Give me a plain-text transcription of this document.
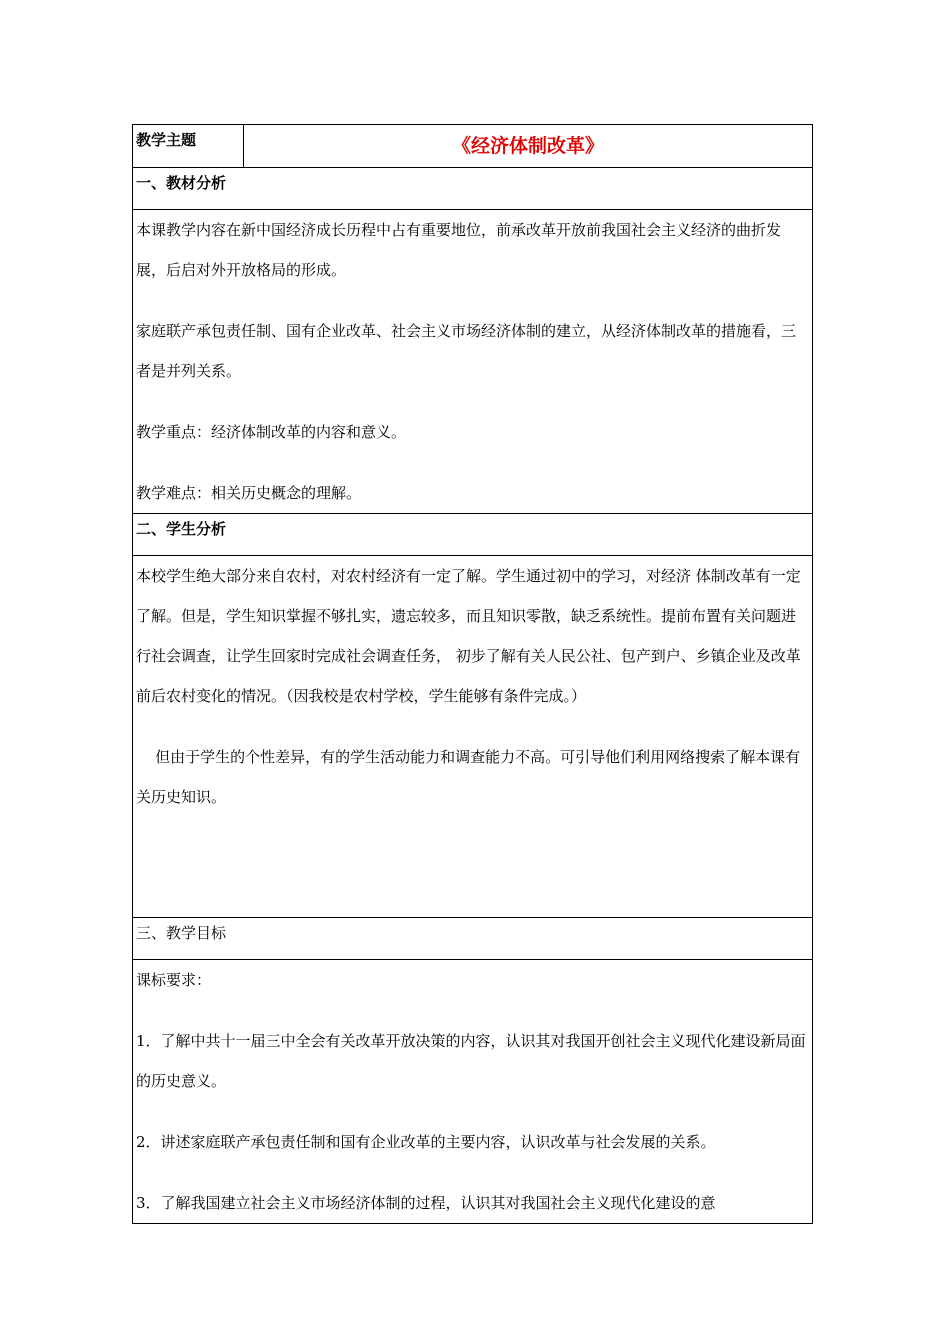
教学主题	《经济体制改革》
一、教材分析

本课教学内容在新中国经济成长历程中占有重要地位，前承改革开放前我国社会主义经济的曲折发展，后启对外开放格局的形成。

家庭联产承包责任制、国有企业改革、社会主义市场经济体制的建立，从经济体制改革的措施看，三者是并列关系。

教学重点：经济体制改革的内容和意义。

教学难点：相关历史概念的理解。

二、学生分析

本校学生绝大部分来自农村，对农村经济有一定了解。学生通过初中的学习，对经济 体制改革有一定了解。但是，学生知识掌握不够扎实，遗忘较多，而且知识零散，缺乏系统性。提前布置有关问题进行社会调查，让学生回家时完成社会调查任务， 初步了解有关人民公社、包产到户、乡镇企业及改革前后农村变化的情况。（因我校是农村学校，学生能够有条件完成。）

但由于学生的个性差异，有的学生活动能力和调查能力不高。可引导他们利用网络搜索了解本课有关历史知识。

三、教学目标

课标要求：

1．了解中共十一届三中全会有关改革开放决策的内容，认识其对我国开创社会主义现代化建设新局面的历史意义。

2．讲述家庭联产承包责任制和国有企业改革的主要内容，认识改革与社会发展的关系。

3．了解我国建立社会主义市场经济体制的过程，认识其对我国社会主义现代化建设的意
